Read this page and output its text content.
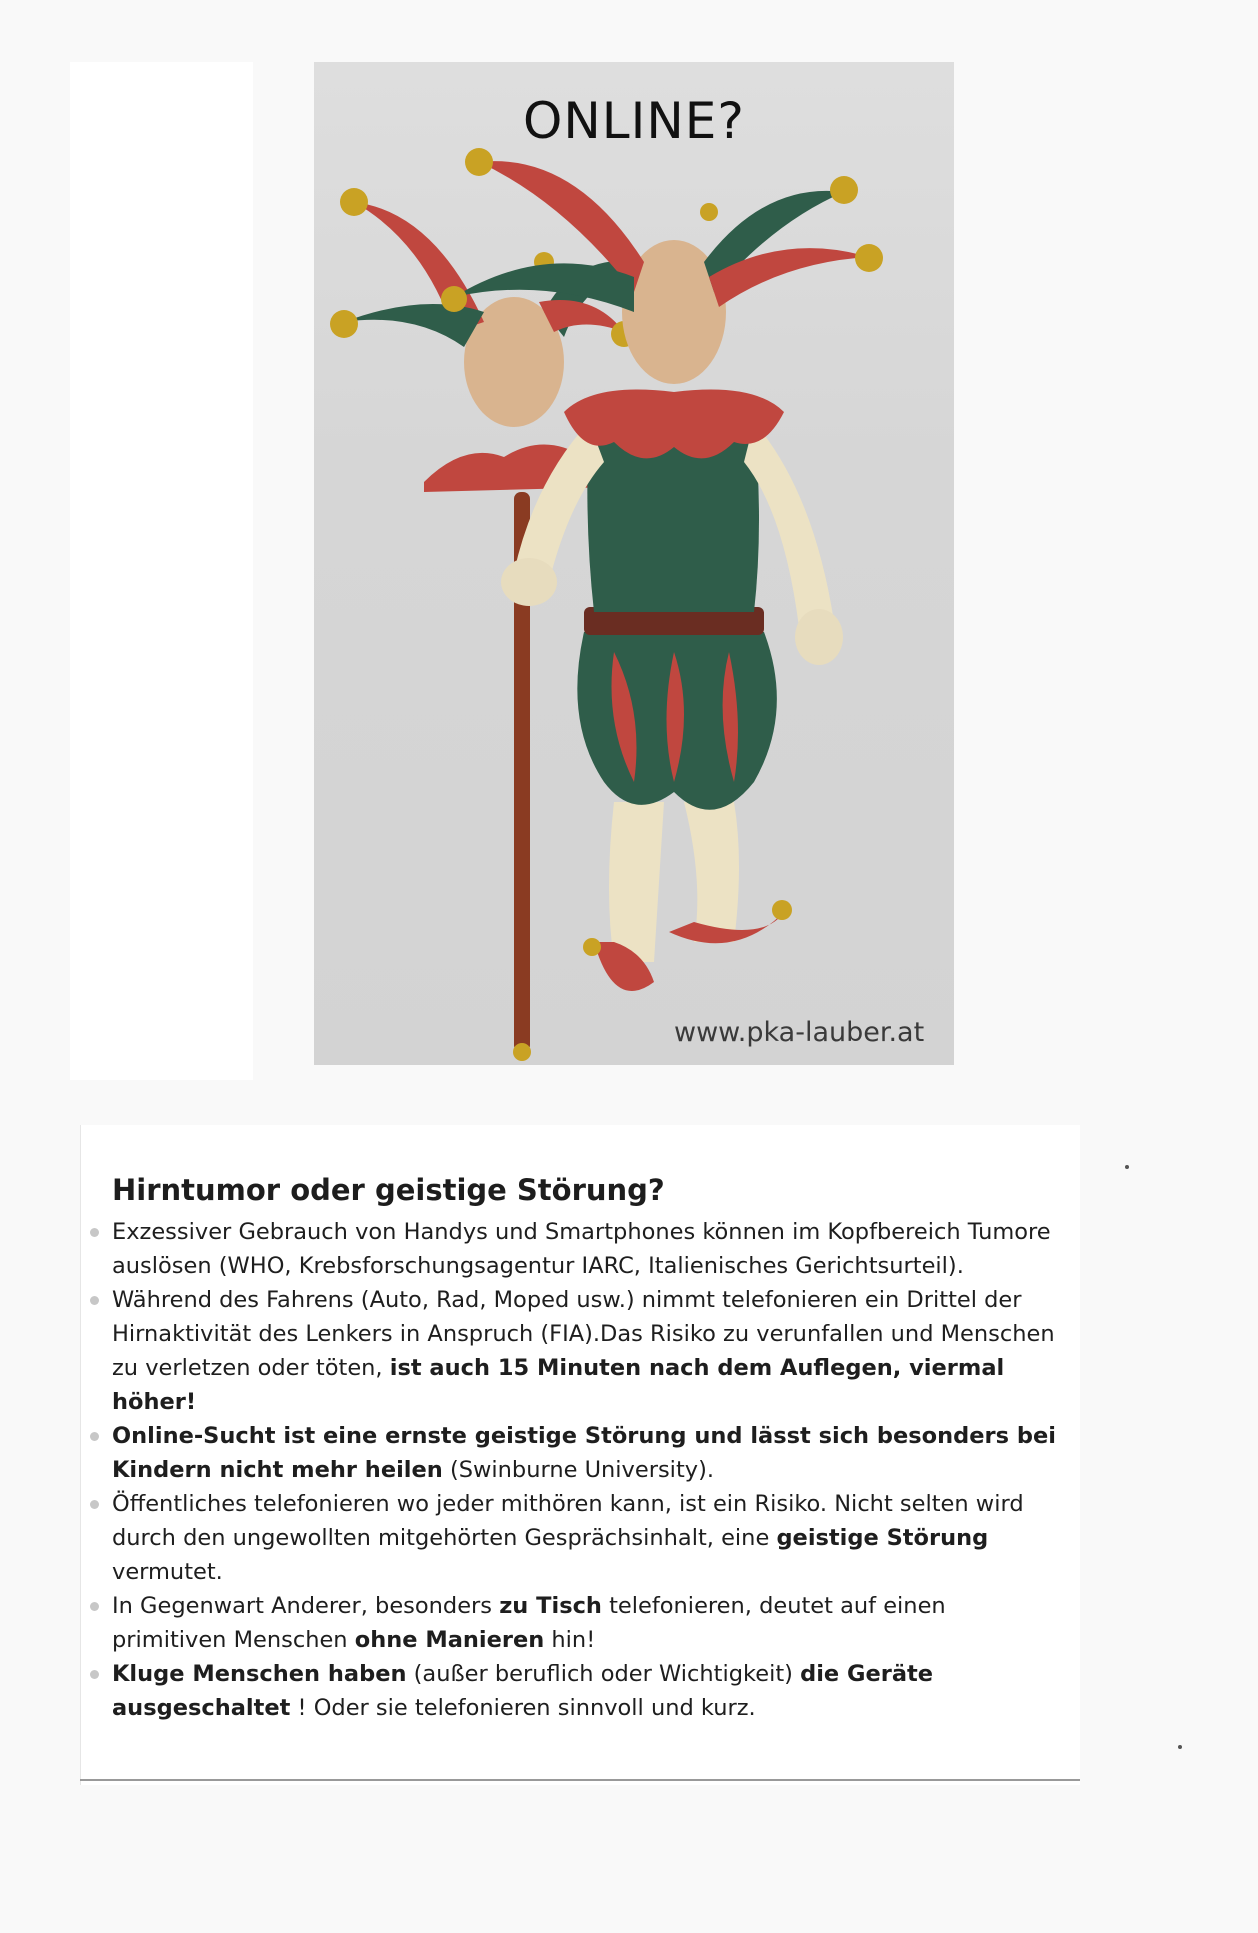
ONLINE?
www.pka-lauber.at
Hirntumor oder geistige Störung?
Exzessiver Gebrauch von Handys und Smartphones können im Kopfbereich Tumore auslösen (WHO, Krebsforschungsagentur IARC, Italienisches Gerichtsurteil).
Während des Fahrens (Auto, Rad, Moped usw.) nimmt telefonieren ein Drittel der Hirnaktivität des Lenkers in Anspruch (FIA).Das Risiko zu verunfallen und Menschen zu verletzen oder töten, ist auch 15 Minuten nach dem Auflegen, viermal höher!
Online-Sucht ist eine ernste geistige Störung und lässt sich besonders bei Kindern nicht mehr heilen (Swinburne University).
Öffentliches telefonieren wo jeder mithören kann, ist ein Risiko. Nicht selten wird durch den ungewollten mitgehörten Gesprächsinhalt, eine geistige Störung vermutet.
In Gegenwart Anderer, besonders zu Tisch telefonieren, deutet auf einen primitiven Menschen ohne Manieren hin!
Kluge Menschen haben (außer beruflich oder Wichtigkeit) die Geräte ausgeschaltet ! Oder sie telefonieren sinnvoll und kurz.
